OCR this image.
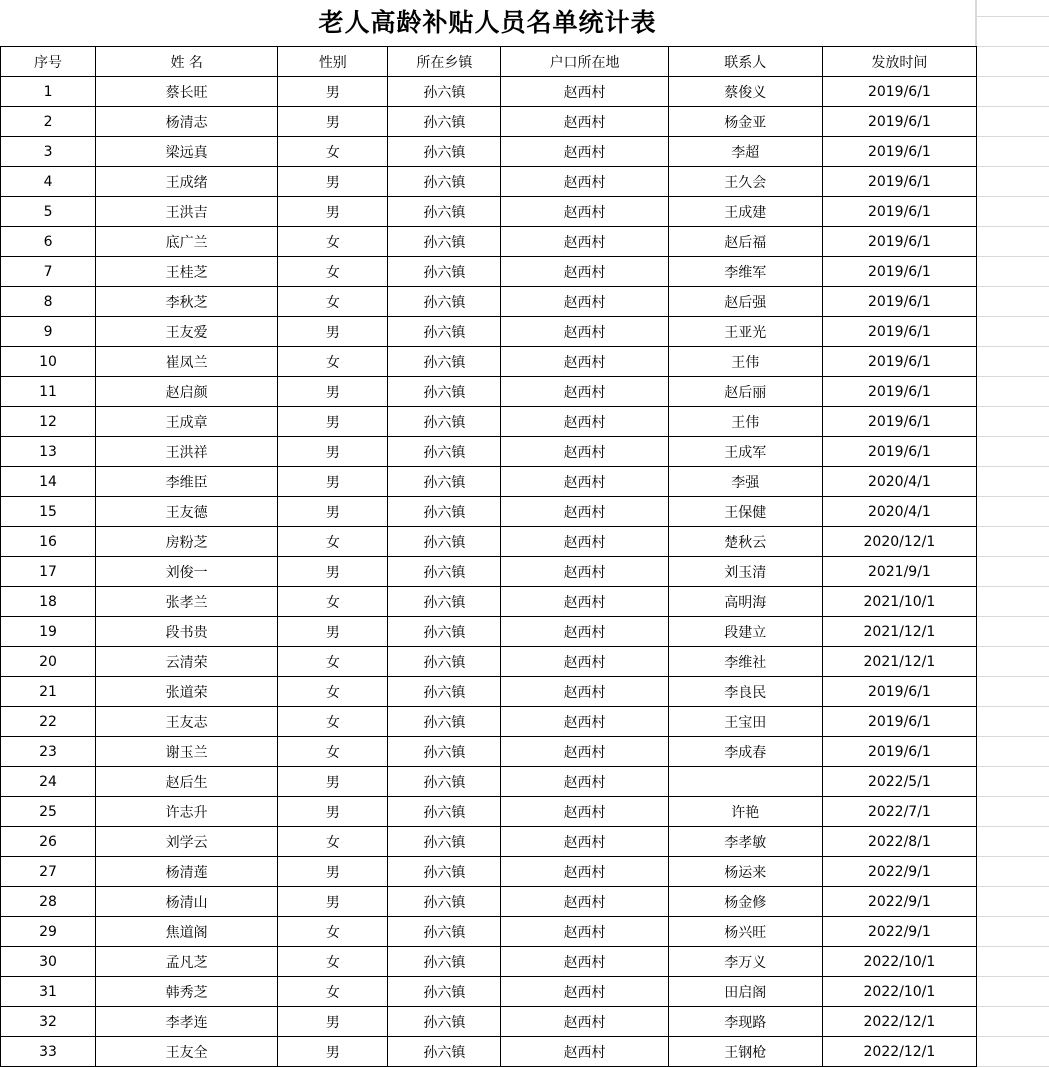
老人高龄补贴人员名单统计表
序号	姓 名	性别	所在乡镇	户口所在地	联系人	发放时间
1	蔡长旺	男	孙六镇	赵西村	蔡俊义	2019/6/1
2	杨清志	男	孙六镇	赵西村	杨金亚	2019/6/1
3	梁远真	女	孙六镇	赵西村	李超	2019/6/1
4	王成绪	男	孙六镇	赵西村	王久会	2019/6/1
5	王洪吉	男	孙六镇	赵西村	王成建	2019/6/1
6	底广兰	女	孙六镇	赵西村	赵后福	2019/6/1
7	王桂芝	女	孙六镇	赵西村	李维军	2019/6/1
8	李秋芝	女	孙六镇	赵西村	赵后强	2019/6/1
9	王友爱	男	孙六镇	赵西村	王亚光	2019/6/1
10	崔凤兰	女	孙六镇	赵西村	王伟	2019/6/1
11	赵启颜	男	孙六镇	赵西村	赵后丽	2019/6/1
12	王成章	男	孙六镇	赵西村	王伟	2019/6/1
13	王洪祥	男	孙六镇	赵西村	王成军	2019/6/1
14	李维臣	男	孙六镇	赵西村	李强	2020/4/1
15	王友德	男	孙六镇	赵西村	王保健	2020/4/1
16	房粉芝	女	孙六镇	赵西村	楚秋云	2020/12/1
17	刘俊一	男	孙六镇	赵西村	刘玉清	2021/9/1
18	张孝兰	女	孙六镇	赵西村	高明海	2021/10/1
19	段书贵	男	孙六镇	赵西村	段建立	2021/12/1
20	云清荣	女	孙六镇	赵西村	李维社	2021/12/1
21	张道荣	女	孙六镇	赵西村	李良民	2019/6/1
22	王友志	女	孙六镇	赵西村	王宝田	2019/6/1
23	谢玉兰	女	孙六镇	赵西村	李成春	2019/6/1
24	赵后生	男	孙六镇	赵西村		2022/5/1
25	许志升	男	孙六镇	赵西村	许艳	2022/7/1
26	刘学云	女	孙六镇	赵西村	李孝敏	2022/8/1
27	杨清莲	男	孙六镇	赵西村	杨运来	2022/9/1
28	杨清山	男	孙六镇	赵西村	杨金修	2022/9/1
29	焦道阁	女	孙六镇	赵西村	杨兴旺	2022/9/1
30	孟凡芝	女	孙六镇	赵西村	李万义	2022/10/1
31	韩秀芝	女	孙六镇	赵西村	田启阁	2022/10/1
32	李孝连	男	孙六镇	赵西村	李现路	2022/12/1
33	王友全	男	孙六镇	赵西村	王钢枪	2022/12/1
